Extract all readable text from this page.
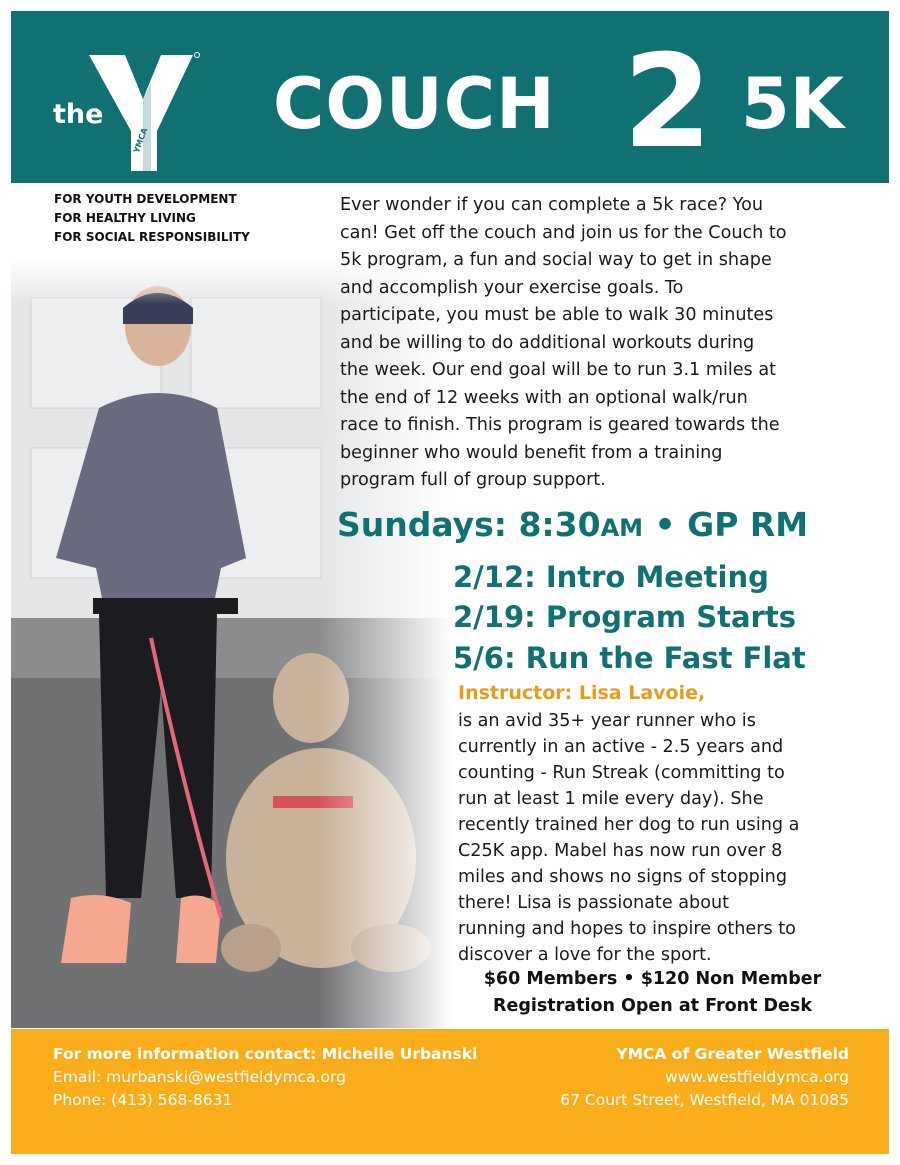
the
YMCA COUCH 2 5K
FOR YOUTH DEVELOPMENT
FOR HEALTHY LIVING
FOR SOCIAL RESPONSIBILITY
Ever wonder if you can complete a 5k race? You
can! Get off the couch and join us for the Couch to
5k program, a fun and social way to get in shape
and accomplish your exercise goals. To
participate, you must be able to walk 30 minutes
and be willing to do additional workouts during
the week. Our end goal will be to run 3.1 miles at
the end of 12 weeks with an optional walk/run
race to finish. This program is geared towards the
beginner who would benefit from a training
program full of group support.
Sundays: 8:30AM • GP RM
2/12: Intro Meeting
2/19: Program Starts
5/6: Run the Fast Flat
Instructor: Lisa Lavoie,
is an avid 35+ year runner who is
currently in an active - 2.5 years and
counting - Run Streak (committing to
run at least 1 mile every day). She
recently trained her dog to run using a
C25K app. Mabel has now run over 8
miles and shows no signs of stopping
there! Lisa is passionate about
running and hopes to inspire others to
discover a love for the sport.
$60 Members • $120 Non Member
Registration Open at Front Desk
For more information contact: Michelle Urbanski
Email: murbanski@westfieldymca.org
Phone: (413) 568-8631
YMCA of Greater Westfield
www.westfieldymca.org
67 Court Street, Westfield, MA 01085
